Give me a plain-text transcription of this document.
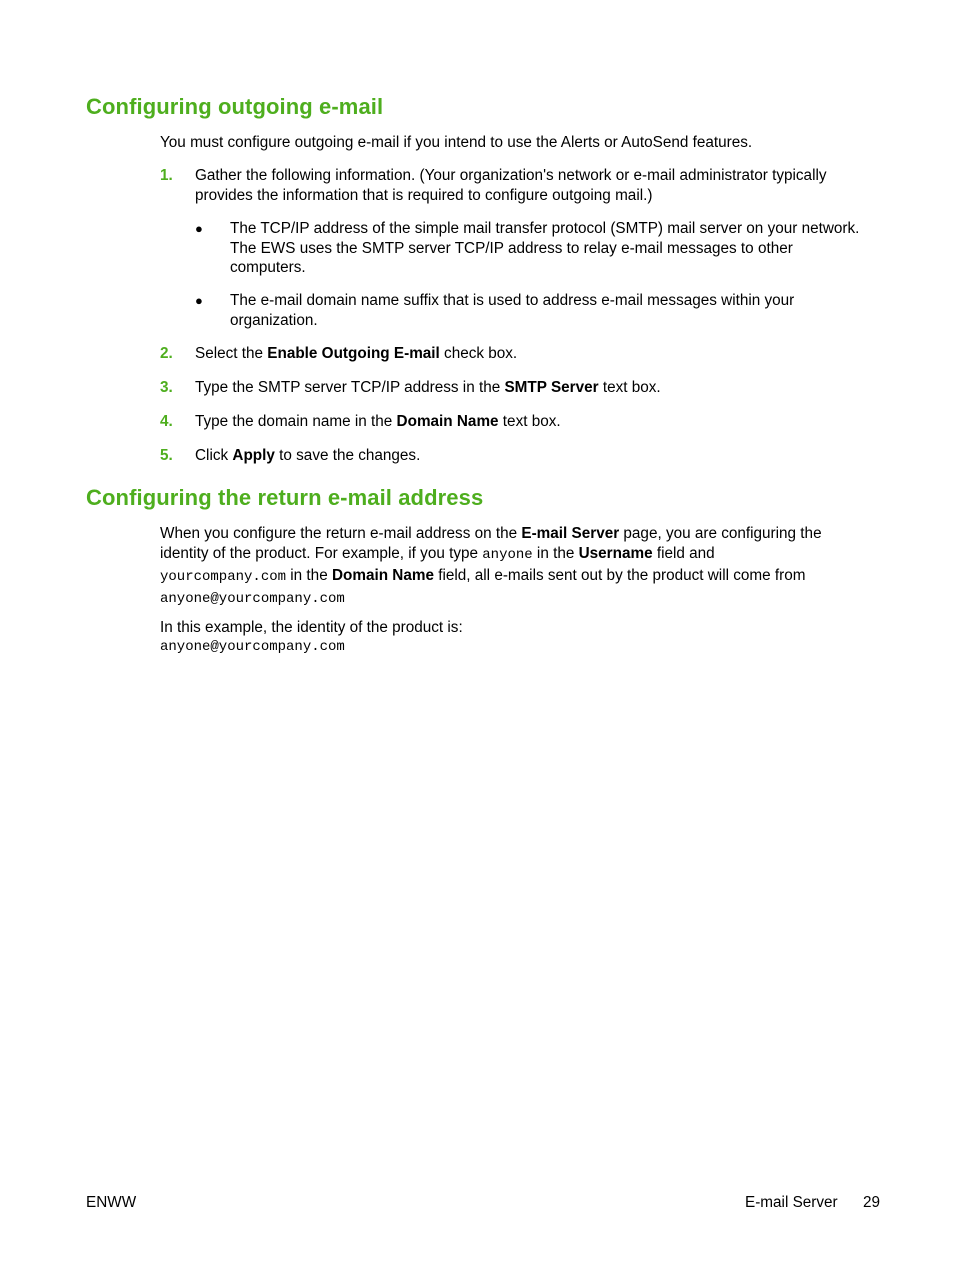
Configuring outgoing e-mail

You must configure outgoing e-mail if you intend to use the Alerts or AutoSend features.

1. Gather the following information. (Your organization's network or e-mail administrator typically
provides the information that is required to configure outgoing mail.)
● The TCP/IP address of the simple mail transfer protocol (SMTP) mail server on your network.
The EWS uses the SMTP server TCP/IP address to relay e-mail messages to other
computers.
● The e-mail domain name suffix that is used to address e-mail messages within your
organization.
2. Select the Enable Outgoing E-mail check box.
3. Type the SMTP server TCP/IP address in the SMTP Server text box.
4. Type the domain name in the Domain Name text box.
5. Click Apply to save the changes.
Configuring the return e-mail address
When you configure the return e-mail address on the E-mail Server page, you are configuring the
identity of the product. For example, if you type anyone in the Username field and
yourcompany.com in the Domain Name field, all e-mails sent out by the product will come from
anyone@yourcompany.com
In this example, the identity of the product is:
anyone@yourcompany.com
ENWW	E-mail Server 29
